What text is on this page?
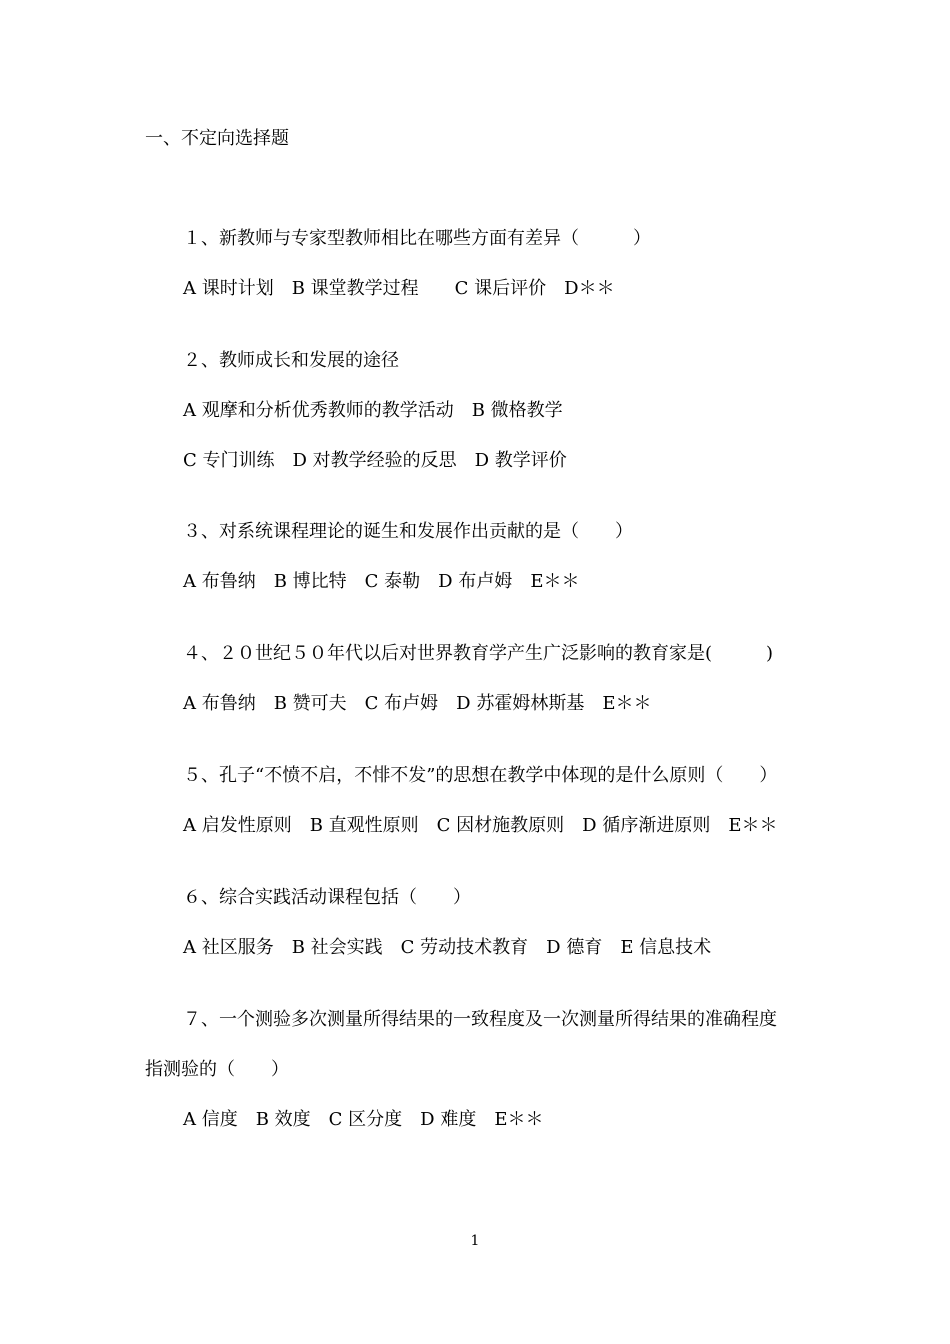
一、不定向选择题
１、新教师与专家型教师相比在哪些方面有差异（　　　）
A 课时计划　B 课堂教学过程　　C 课后评价　D＊＊
２、教师成长和发展的途径
A 观摩和分析优秀教师的教学活动　B 微格教学
C 专门训练　D 对教学经验的反思　D 教学评价
３、对系统课程理论的诞生和发展作出贡献的是（　　）
A 布鲁纳　B 博比特　C 泰勒　D 布卢姆　E＊＊
４、２０世纪５０年代以后对世界教育学产生广泛影响的教育家是(　　　)
A 布鲁纳　B 赞可夫　C 布卢姆　D 苏霍姆林斯基　E＊＊
５、孔子“不愤不启，不悱不发”的思想在教学中体现的是什么原则（　　）
A 启发性原则　B 直观性原则　C 因材施教原则　D 循序渐进原则　E＊＊
６、综合实践活动课程包括（　　）
A 社区服务　B 社会实践　C 劳动技术教育　D 德育　E 信息技术
７、一个测验多次测量所得结果的一致程度及一次测量所得结果的准确程度
指测验的（　　）
A 信度　B 效度　C 区分度　D 难度　E＊＊
1
